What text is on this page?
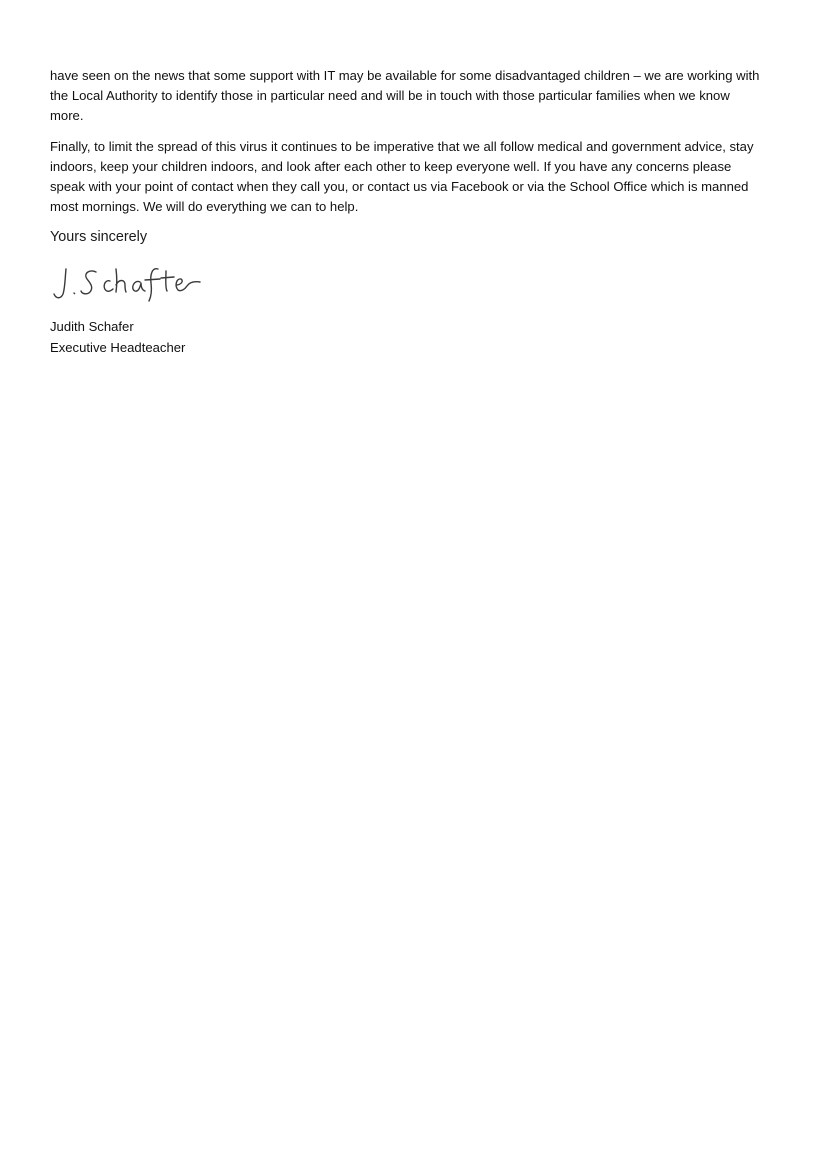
have seen on the news that some support with IT may be available for some disadvantaged children – we are working with the Local Authority to identify those in particular need and will be in touch with those particular families when we know more.

Finally, to limit the spread of this virus it continues to be imperative that we all follow medical and government advice, stay indoors, keep your children indoors, and look after each other to keep everyone well. If you have any concerns please speak with your point of contact when they call you, or contact us via Facebook or via the School Office which is manned most mornings. We will do everything we can to help.

Yours sincerely
Judith Schafer
Executive Headteacher
